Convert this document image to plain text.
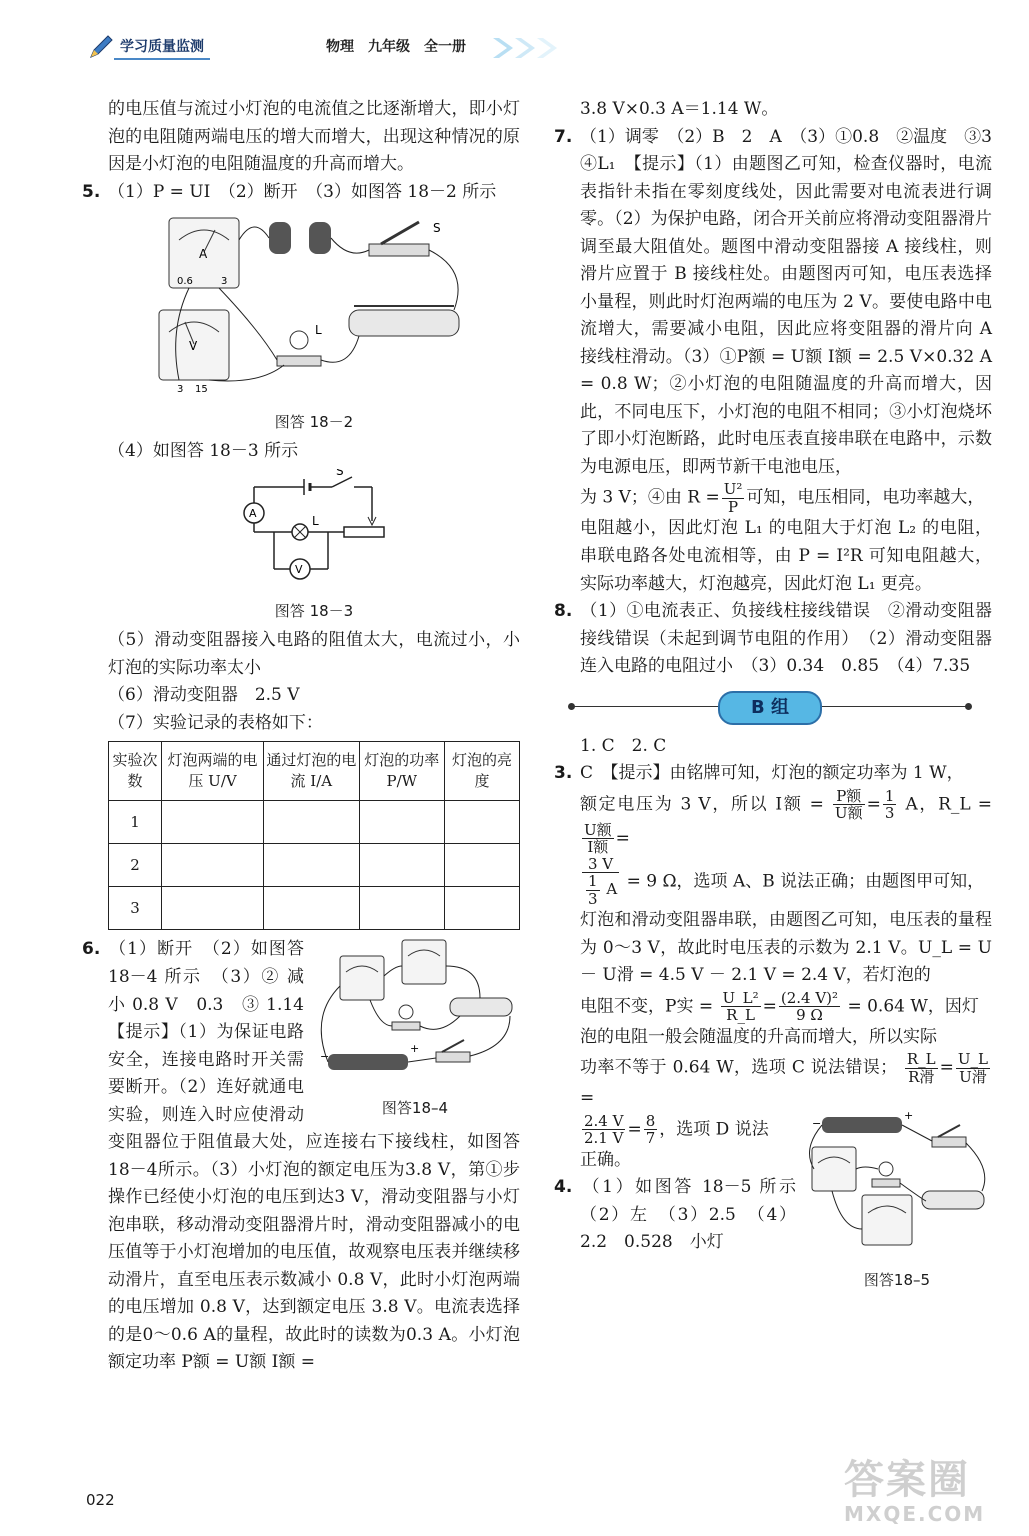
学习质量监测	物理　九年级　全一册

的电压值与流过小灯泡的电流值之比逐渐增大，即小灯泡的电阻随两端电压的增大而增大，出现这种情况的原因是小灯泡的电阻随温度的升高而增大。

5. （1）P = UI　（2）断开　（3）如图答 18－2 所示

A
0.6	3
S
V
3 15
L
图答 18－2

（4）如图答 18－3 所示

S
A
L
V
图答 18－3

（5）滑动变阻器接入电路的阻值太大，电流过小，小灯泡的实际功率太小

（6）滑动变阻器　2.5 V

（7）实验记录的表格如下：

实验次数	灯泡两端的电压 U/V	通过灯泡的电流 I/A	灯泡的功率 P/W	灯泡的亮度
1				
2				
3				
−
+
图答18–4

6. （1）断开　（2）如图答 18－4 所示　（3）② 减小 0.8 V　0.3　③ 1.14　【提示】（1）为保证电路安全，连接电路时开关需要断开。（2）连好就通电实验，则连入时应使滑动变阻器位于阻值最大处，应连接右下接线柱，如图答18－4所示。（3）小灯泡的额定电压为3.8 V，第①步操作已经使小灯泡的电压到达3 V，滑动变阻器与小灯泡串联，移动滑动变阻器滑片时，滑动变阻器减小的电压值等于小灯泡增加的电压值，故观察电压表并继续移动滑片，直至电压表示数减小 0.8 V，此时小灯泡两端的电压增加 0.8 V，达到额定电压 3.8 V。电流表选择的是0～0.6 A的量程，故此时的读数为0.3 A。小灯泡额定功率 P额 = U额 I额 =

3.8 V×0.3 A＝1.14 W。

7. （1）调零　（2）B　2　A　（3）①0.8　②温度　③3　④L₁　【提示】（1）由题图乙可知，检查仪器时，电流表指针未指在零刻度线处，因此需要对电流表进行调零。（2）为保护电路，闭合开关前应将滑动变阻器滑片调至最大阻值处。题图中滑动变阻器接 A 接线柱，则滑片应置于 B 接线柱处。由题图丙可知，电压表选择小量程，则此时灯泡两端的电压为 2 V。要使电路中电流增大，需要减小电阻，因此应将变阻器的滑片向 A 接线柱滑动。（3）①P额 = U额 I额 = 2.5 V×0.32 A = 0.8 W；②小灯泡的电阻随温度的升高而增大，因此，不同电压下，小灯泡的电阻不相同；③小灯泡烧坏了即小灯泡断路，此时电压表直接串联在电路中，示数为电源电压，即两节新干电池电压，

为 3 V；④由 $R = \frac{\text{U²}}{P}$ 可知，电压相同，电功率越大，

电阻越小，因此灯泡 L₁ 的电阻大于灯泡 L₂ 的电阻，串联电路各处电流相等，由 P = I²R 可知电阻越大，实际功率越大，灯泡越亮，因此灯泡 L₁ 更亮。

8. （1）①电流表正、负接线柱接线错误　②滑动变阻器接线错误（未起到调节电阻的作用）　（2）滑动变阻器连入电路的电阻过小　（3）0.34　0.85　（4）7.35

B 组

1. C　2. C

3. C　【提示】由铭牌可知，灯泡的额定功率为 1 W，

额定电压为 3 V，所以 I额 = $\frac{\text{P额}}{\text{U额}} = \frac{1}{3}$ A，R_L =
$\frac{\text{U额}}{\text{I额}}$ =

$\frac{3 V}{\frac{1}{3} A} = 9$ Ω，选项 A、B 说法正确；由题图甲可知，

灯泡和滑动变阻器串联，由题图乙可知，电压表的量程为 0～3 V，故此时电压表的示数为 2.1 V。U_L = U － U滑 = 4.5 V － 2.1 V = 2.4 V，若灯泡的

电阻不变，P实 = $\frac{\text{U\_L²}}{R\_L} = \frac{\text{(2.4 V)²}}{9 \Omega} = 0.64$ W，因灯

泡的电阻一般会随温度的升高而增大，所以实际

功率不等于 0.64 W，选项 C 说法错误； $\frac{R\_L}{\text{R滑}} = \frac{U\_L}{\text{U滑}}$
=

−
+
图答18–5

$\frac{2.4 V}{2.1 V} = \frac{8}{7}$ ，选项 D 说法

正确。

4. （1）如图答 18－5 所示　（2）左　（3）2.5　（4）2.2　0.528　小灯

022	答案圈
MXQE.COM
